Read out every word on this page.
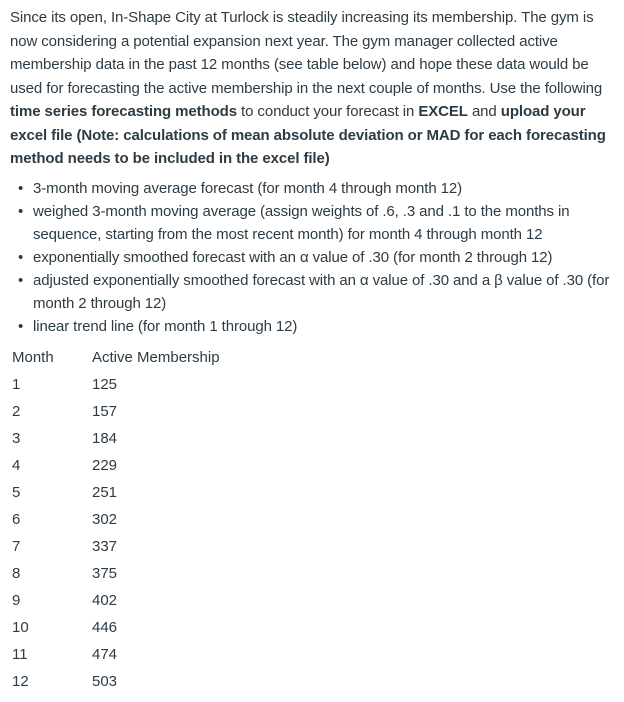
Since its open, In-Shape City at Turlock is steadily increasing its membership. The gym is now considering a potential expansion next year. The gym manager collected active membership data in the past 12 months (see table below) and hope these data would be used for forecasting the active membership in the next couple of months. Use the following time series forecasting methods to conduct your forecast in EXCEL and upload your excel file (Note: calculations of mean absolute deviation or MAD for each forecasting method needs to be included in the excel file)

• 3-month moving average forecast (for month 4 through month 12)
• weighed 3-month moving average (assign weights of .6, .3 and .1 to the months in sequence, starting from the most recent month) for month 4 through month 12
• exponentially smoothed forecast with an α value of .30 (for month 2 through 12)
• adjusted exponentially smoothed forecast with an α value of .30 and a β value of .30 (for month 2 through 12)
• linear trend line (for month 1 through 12)
Month	Active Membership
1	125
2	157
3	184
4	229
5	251
6	302
7	337
8	375
9	402
10	446
11	474
12	503
